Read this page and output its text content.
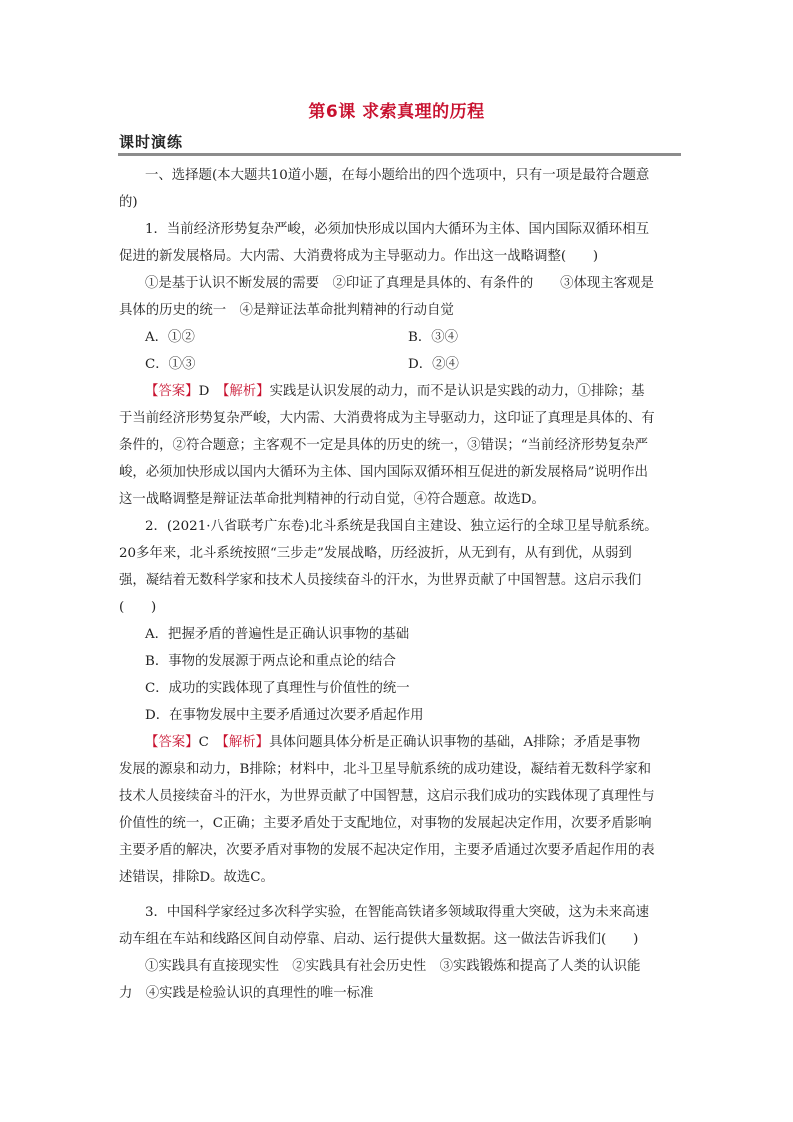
第6课 求索真理的历程
课时演练
一、选择题(本大题共10道小题，在每小题给出的四个选项中，只有一项是最符合题意
的)
1．当前经济形势复杂严峻，必须加快形成以国内大循环为主体、国内国际双循环相互
促进的新发展格局。大内需、大消费将成为主导驱动力。作出这一战略调整(　　)
①是基于认识不断发展的需要　②印证了真理是具体的、有条件的　　③体现主客观是
具体的历史的统一　④是辩证法革命批判精神的行动自觉
A．①②	B．③④
C．①③	D．②④
【答案】D　 【解析】实践是认识发展的动力，而不是认识是实践的动力，①排除；基
于当前经济形势复杂严峻，大内需、大消费将成为主导驱动力，这印证了真理是具体的、有
条件的，②符合题意；主客观不一定是具体的历史的统一，③错误；“当前经济形势复杂严
峻，必须加快形成以国内大循环为主体、国内国际双循环相互促进的新发展格局”说明作出
这一战略调整是辩证法革命批判精神的行动自觉，④符合题意。故选D。
2．(2021·八省联考广东卷)北斗系统是我国自主建设、独立运行的全球卫星导航系统。
20多年来，北斗系统按照“三步走”发展战略，历经波折，从无到有，从有到优，从弱到
强，凝结着无数科学家和技术人员接续奋斗的汗水，为世界贡献了中国智慧。这启示我们
(　　)
A．把握矛盾的普遍性是正确认识事物的基础
B．事物的发展源于两点论和重点论的结合
C．成功的实践体现了真理性与价值性的统一
D．在事物发展中主要矛盾通过次要矛盾起作用
【答案】C　 【解析】具体问题具体分析是正确认识事物的基础，A排除；矛盾是事物
发展的源泉和动力，B排除；材料中，北斗卫星导航系统的成功建设，凝结着无数科学家和
技术人员接续奋斗的汗水，为世界贡献了中国智慧，这启示我们成功的实践体现了真理性与
价值性的统一，C正确；主要矛盾处于支配地位，对事物的发展起决定作用，次要矛盾影响
主要矛盾的解决，次要矛盾对事物的发展不起决定作用，主要矛盾通过次要矛盾起作用的表
述错误，排除D。故选C。
3．中国科学家经过多次科学实验，在智能高铁诸多领域取得重大突破，这为未来高速
动车组在车站和线路区间自动停靠、启动、运行提供大量数据。这一做法告诉我们(　　)
①实践具有直接现实性　②实践具有社会历史性　③实践锻炼和提高了人类的认识能
力　④实践是检验认识的真理性的唯一标准
